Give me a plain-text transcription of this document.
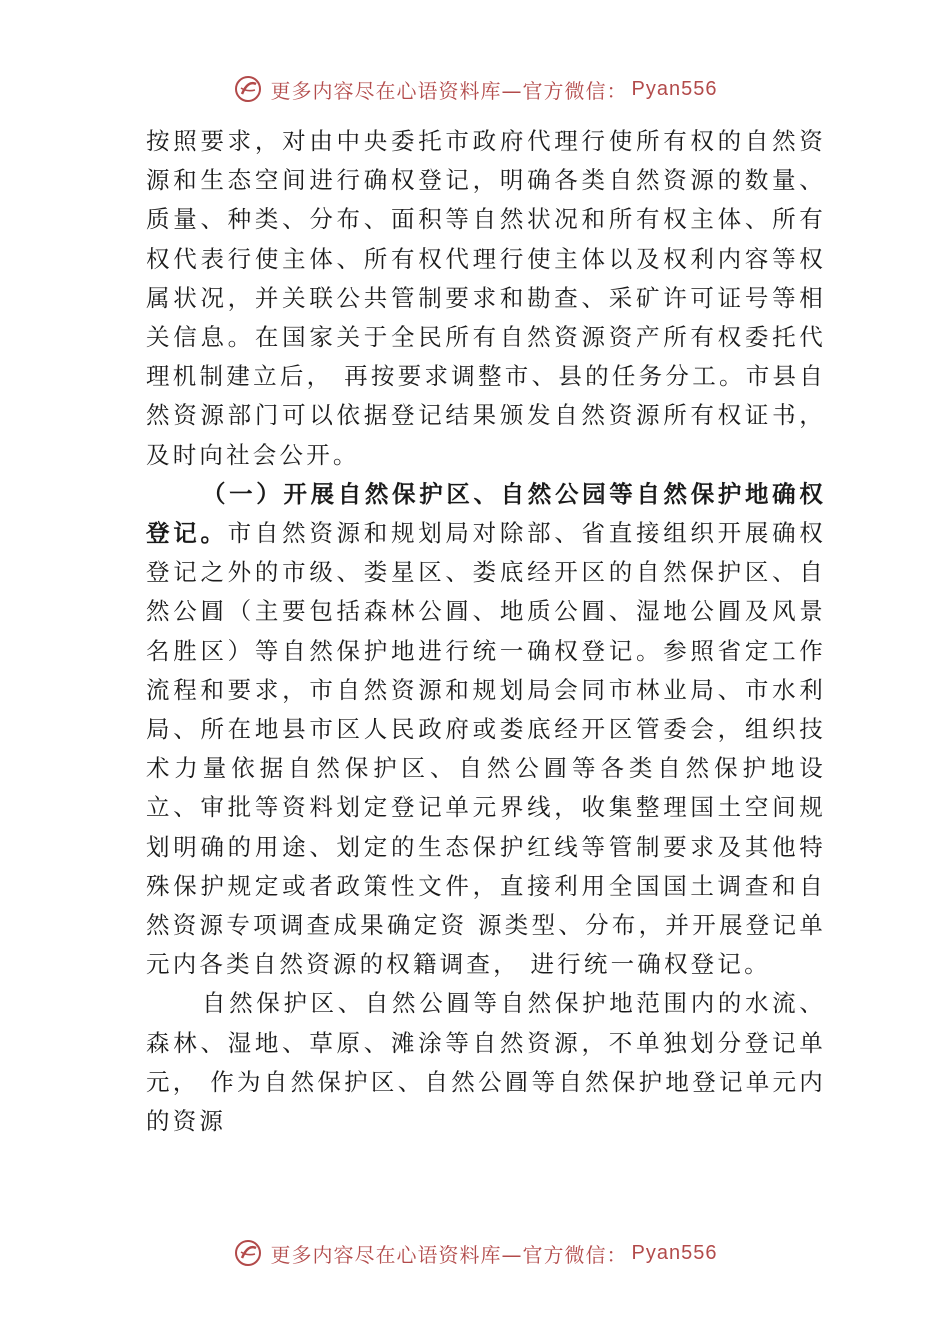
更多内容尽在心语资料库—官方微信： Pyan556

按照要求，对由中央委托市政府代理行使所有权的自然资源和生态空间进行确权登记，明确各类自然资源的数量、质量、种类、分布、面积等自然状况和所有权主体、所有权代表行使主体、所有权代理行使主体以及权利内容等权属状况，并关联公共管制要求和勘查、采矿许可证号等相关信息。在国家关于全民所有自然资源资产所有权委托代理机制建立后， 再按要求调整市、县的任务分工。市县自然资源部门可以依据登记结果颁发自然资源所有权证书，及时向社会公开。

（一）开展自然保护区、自然公园等自然保护地确权登记。市自然资源和规划局对除部、省直接组织开展确权登记之外的市级、娄星区、娄底经开区的自然保护区、自然公㘣（主要包括森林公㘣、地质公㘣、湿地公㘣及风景名胜区）等自然保护地进行统一确权登记。参照省定工作流程和要求，市自然资源和规划局会同市林业局、市水利局、所在地县市区人民政府或娄底经开区管委会，组织技术力量依据自然保护区、自然公㘣等各类自然保护地设立、审批等资料划定登记单元界线，收集整理国土空间规划明确的用途、划定的生态保护红线等管制要求及其他特殊保护规定或者政策性文件，直接利用全国国土调查和自然资源专项调查成果确定资 源类型、分布，并开展登记单元内各类自然资源的权籍调查， 进行统一确权登记。

自然保护区、自然公㘣等自然保护地范围内的水流、森林、湿地、草原、滩涂等自然资源，不单独划分登记单元， 作为自然保护区、自然公㘣等自然保护地登记单元内的资源

更多内容尽在心语资料库—官方微信： Pyan556
